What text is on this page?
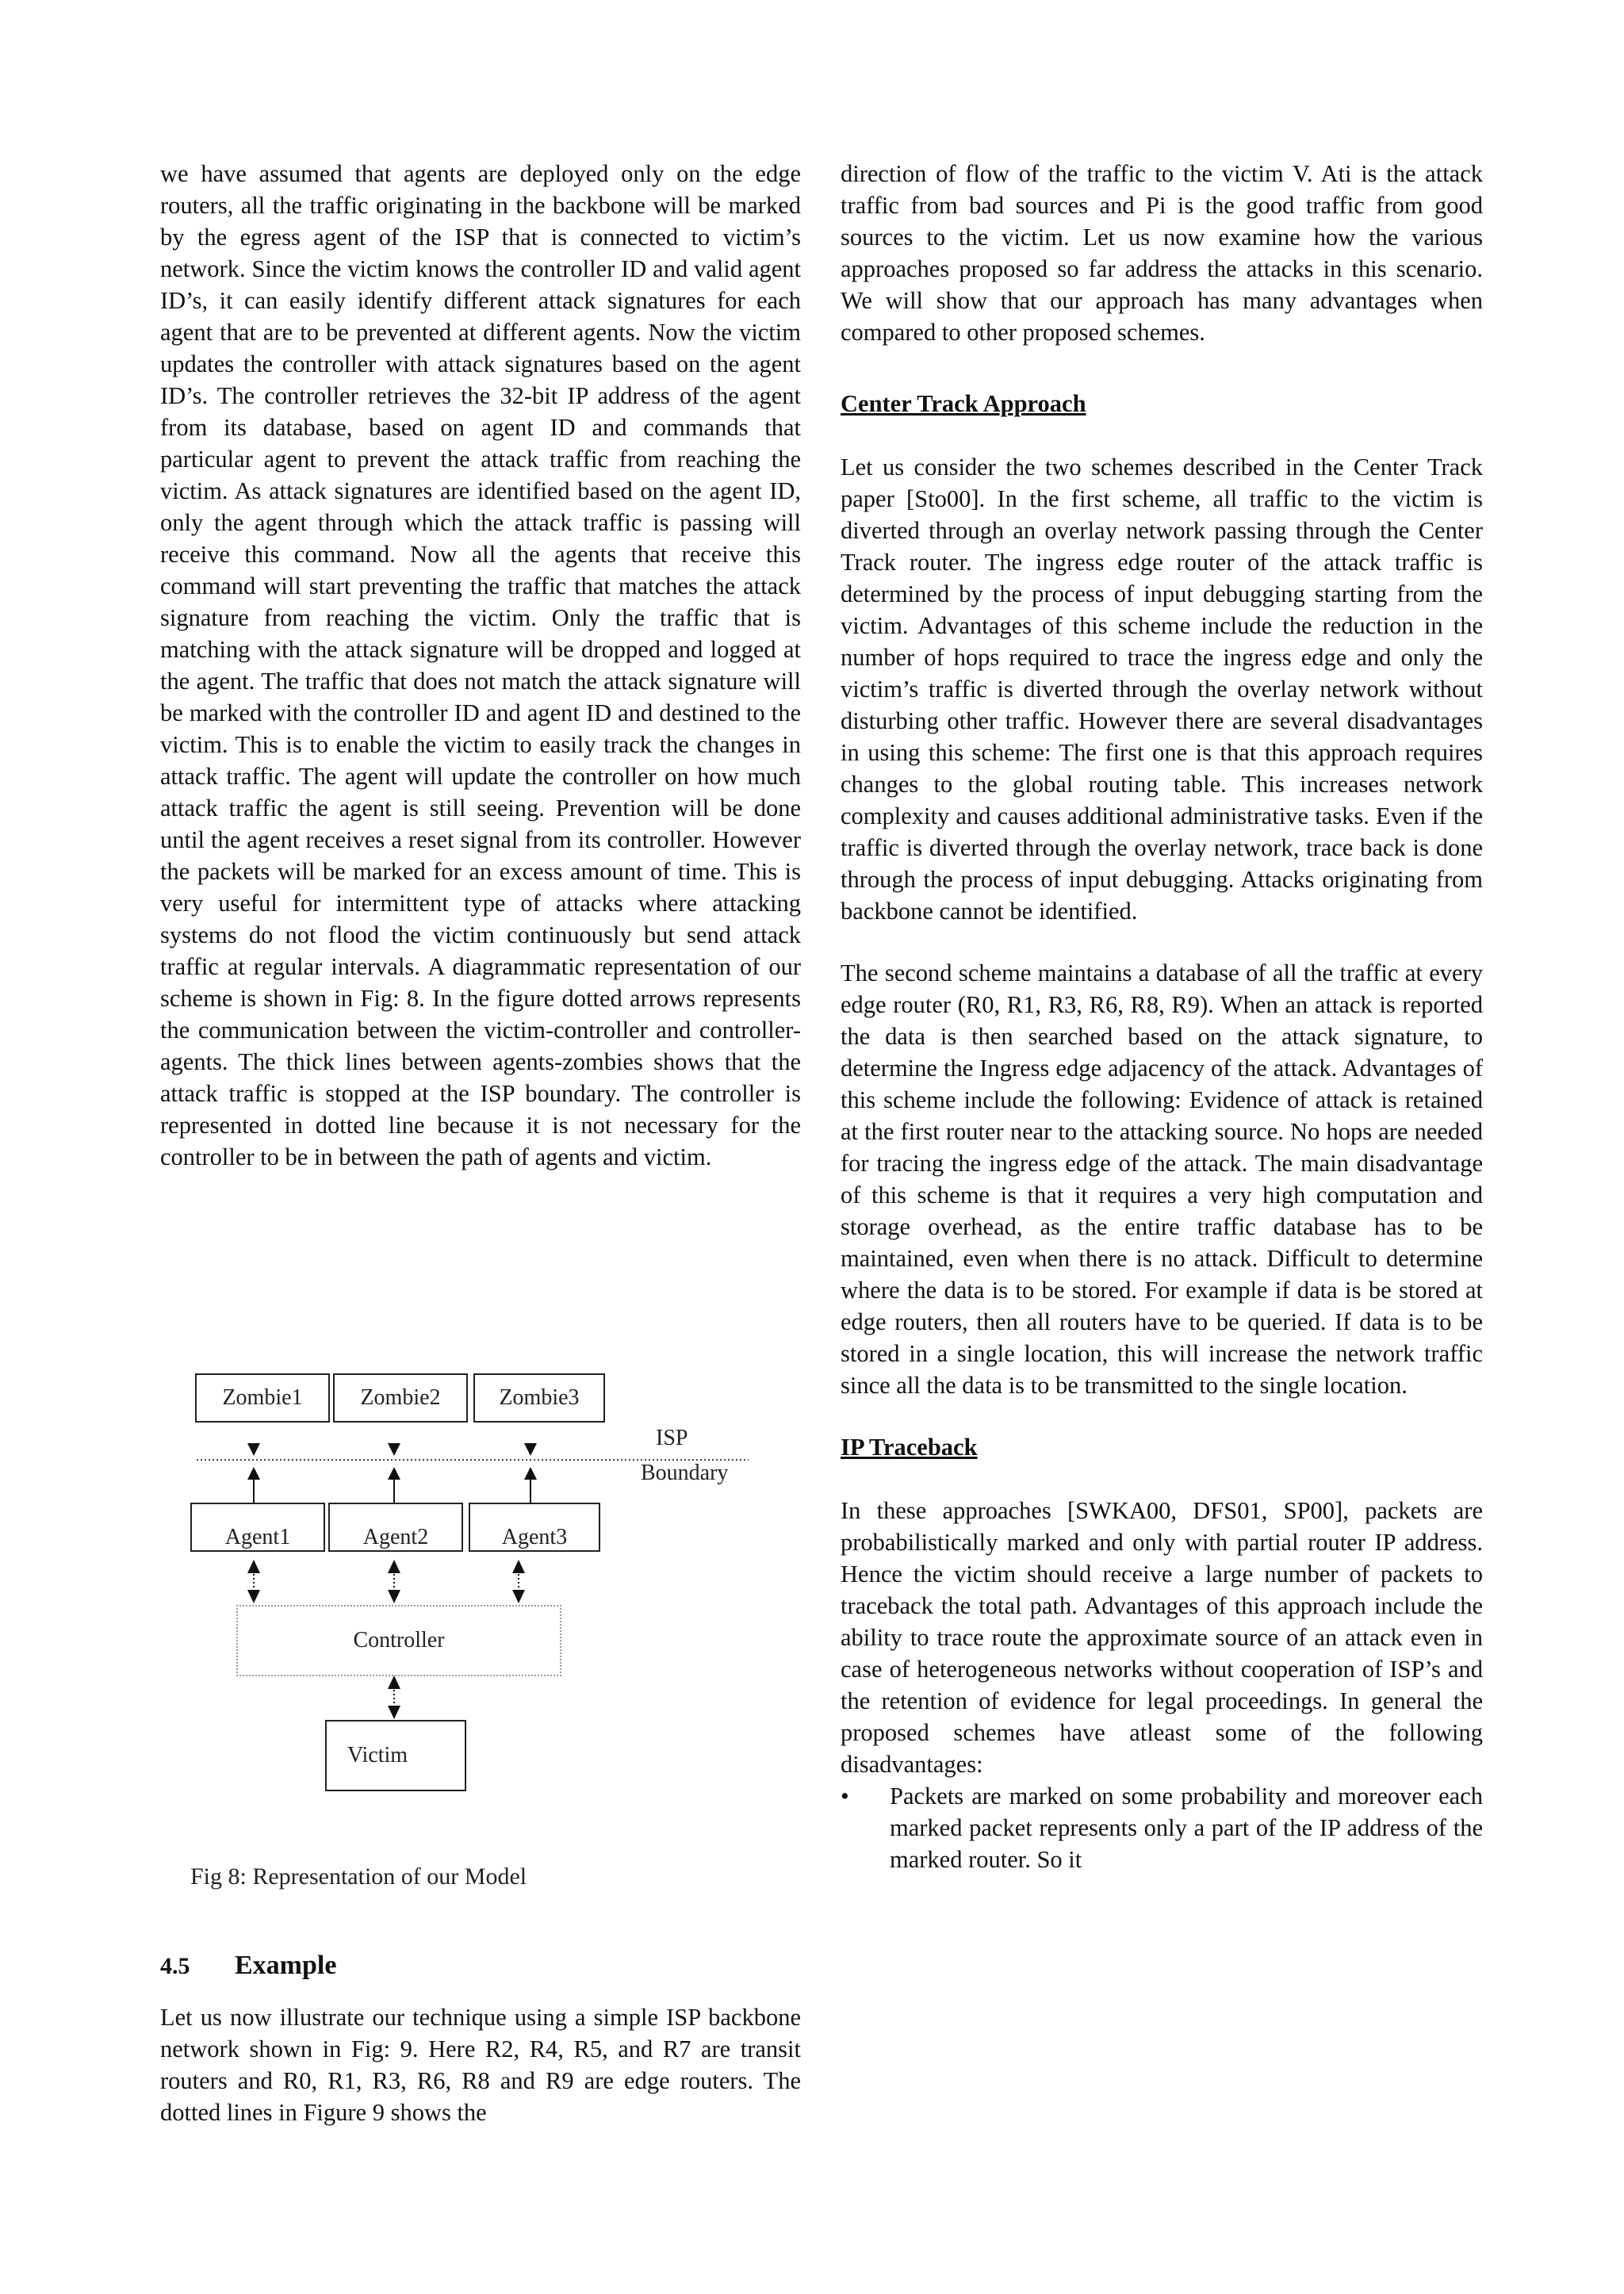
we have assumed that agents are deployed only on the edge routers, all the traffic originating in the backbone will be marked by the egress agent of the ISP that is connected to victim’s network. Since the victim knows the controller ID and valid agent ID’s, it can easily identify different attack signatures for each agent that are to be prevented at different agents. Now the victim updates the controller with attack signatures based on the agent ID’s. The controller retrieves the 32-bit IP address of the agent from its database, based on agent ID and commands that particular agent to prevent the attack traffic from reaching the victim. As attack signatures are identified based on the agent ID, only the agent through which the attack traffic is passing will receive this command. Now all the agents that receive this command will start preventing the traffic that matches the attack signature from reaching the victim. Only the traffic that is matching with the attack signature will be dropped and logged at the agent. The traffic that does not match the attack signature will be marked with the controller ID and agent ID and destined to the victim. This is to enable the victim to easily track the changes in attack traffic. The agent will update the controller on how much attack traffic the agent is still seeing. Prevention will be done until the agent receives a reset signal from its controller. However the packets will be marked for an excess amount of time. This is very useful for intermittent type of attacks where attacking systems do not flood the victim continuously but send attack traffic at regular intervals. A diagrammatic representation of our scheme is shown in Fig: 8. In the figure dotted arrows represents the communication between the victim-controller and controller-agents. The thick lines between agents-zombies shows that the attack traffic is stopped at the ISP boundary. The controller is represented in dotted line because it is not necessary for the controller to be in between the path of agents and victim.

Zombie1	Zombie2	Zombie3
ISP
Boundary
Agent1	Agent2	Agent3
Controller
Victim
Fig 8: Representation of our Model
4.5 Example

Let us now illustrate our technique using a simple ISP backbone network shown in Fig: 9. Here R2, R4, R5, and R7 are transit routers and R0, R1, R3, R6, R8 and R9 are edge routers. The dotted lines in Figure 9 shows the

direction of flow of the traffic to the victim V. Ati is the attack traffic from bad sources and Pi is the good traffic from good sources to the victim. Let us now examine how the various approaches proposed so far address the attacks in this scenario. We will show that our approach has many advantages when compared to other proposed schemes.

Center Track Approach

Let us consider the two schemes described in the Center Track paper [Sto00]. In the first scheme, all traffic to the victim is diverted through an overlay network passing through the Center Track router. The ingress edge router of the attack traffic is determined by the process of input debugging starting from the victim. Advantages of this scheme include the reduction in the number of hops required to trace the ingress edge and only the victim’s traffic is diverted through the overlay network without disturbing other traffic. However there are several disadvantages in using this scheme: The first one is that this approach requires changes to the global routing table. This increases network complexity and causes additional administrative tasks. Even if the traffic is diverted through the overlay network, trace back is done through the process of input debugging. Attacks originating from backbone cannot be identified.

The second scheme maintains a database of all the traffic at every edge router (R0, R1, R3, R6, R8, R9). When an attack is reported the data is then searched based on the attack signature, to determine the Ingress edge adjacency of the attack. Advantages of this scheme include the following: Evidence of attack is retained at the first router near to the attacking source. No hops are needed for tracing the ingress edge of the attack. The main disadvantage of this scheme is that it requires a very high computation and storage overhead, as the entire traffic database has to be maintained, even when there is no attack. Difficult to determine where the data is to be stored. For example if data is be stored at edge routers, then all routers have to be queried. If data is to be stored in a single location, this will increase the network traffic since all the data is to be transmitted to the single location.

IP Traceback

In these approaches [SWKA00, DFS01, SP00], packets are probabilistically marked and only with partial router IP address. Hence the victim should receive a large number of packets to traceback the total path. Advantages of this approach include the ability to trace route the approximate source of an attack even in case of heterogeneous networks without cooperation of ISP’s and the retention of evidence for legal proceedings. In general the proposed schemes have atleast some of the following disadvantages:

• Packets are marked on some probability and moreover each marked packet represents only a part of the IP address of the marked router. So it
